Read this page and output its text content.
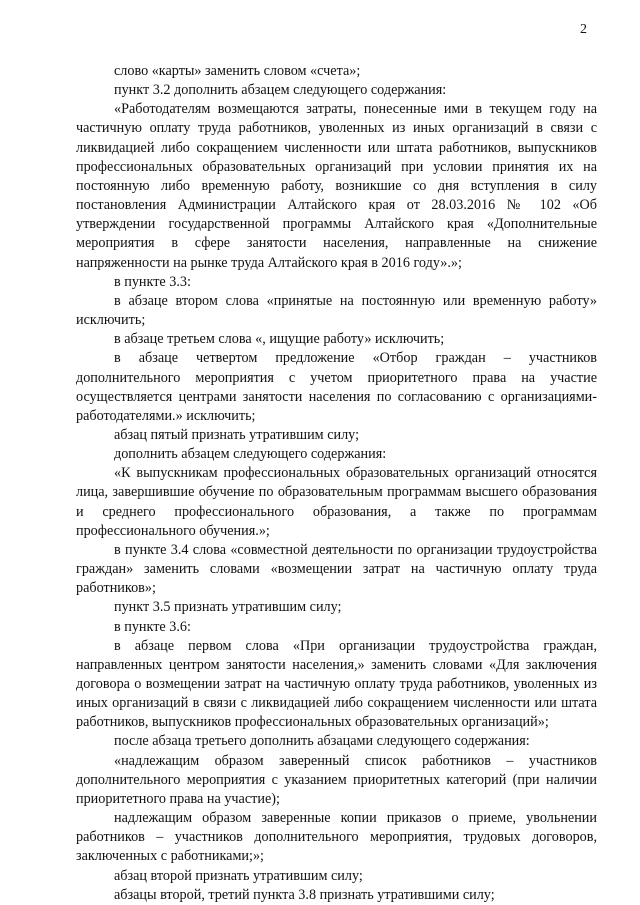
2

слово «карты» заменить словом «счета»;

пункт 3.2 дополнить абзацем следующего содержания:

«Работодателям возмещаются затраты, понесенные ими в текущем году на частичную оплату труда работников, уволенных из иных организаций в связи с ликвидацией либо сокращением численности или штата работников, выпускников профессиональных образовательных организаций при условии принятия их на постоянную либо временную работу, возникшие со дня вступления в силу постановления Администрации Алтайского края от 28.03.2016 № 102 «Об утверждении государственной программы Алтайского края «Дополнительные мероприятия в сфере занятости населения, направленные на снижение напряженности на рынке труда Алтайского края в 2016 году».»;

в пункте 3.3:

в абзаце втором слова «принятые на постоянную или временную работу» исключить;

в абзаце третьем слова «, ищущие работу» исключить;

в абзаце четвертом предложение «Отбор граждан – участников дополнительного мероприятия с учетом приоритетного права на участие осуществляется центрами занятости населения по согласованию с организациями-работодателями.» исключить;

абзац пятый признать утратившим силу;

дополнить абзацем следующего содержания:

«К выпускникам профессиональных образовательных организаций относятся лица, завершившие обучение по образовательным программам высшего образования и среднего профессионального образования, а также по программам профессионального обучения.»;

в пункте 3.4 слова «совместной деятельности по организации трудоустройства граждан» заменить словами «возмещении затрат на частичную оплату труда работников»;

пункт 3.5 признать утратившим силу;

в пункте 3.6:

в абзаце первом слова «При организации трудоустройства граждан, направленных центром занятости населения,» заменить словами «Для заключения договора о возмещении затрат на частичную оплату труда работников, уволенных из иных организаций в связи с ликвидацией либо сокращением численности или штата работников, выпускников профессиональных образовательных организаций»;

после абзаца третьего дополнить абзацами следующего содержания:

«надлежащим образом заверенный список работников – участников дополнительного мероприятия с указанием приоритетных категорий (при наличии приоритетного права на участие);

надлежащим образом заверенные копии приказов о приеме, увольнении работников – участников дополнительного мероприятия, трудовых договоров, заключенных с работниками;»;

абзац второй признать утратившим силу;

абзацы второй, третий пункта 3.8 признать утратившими силу;
